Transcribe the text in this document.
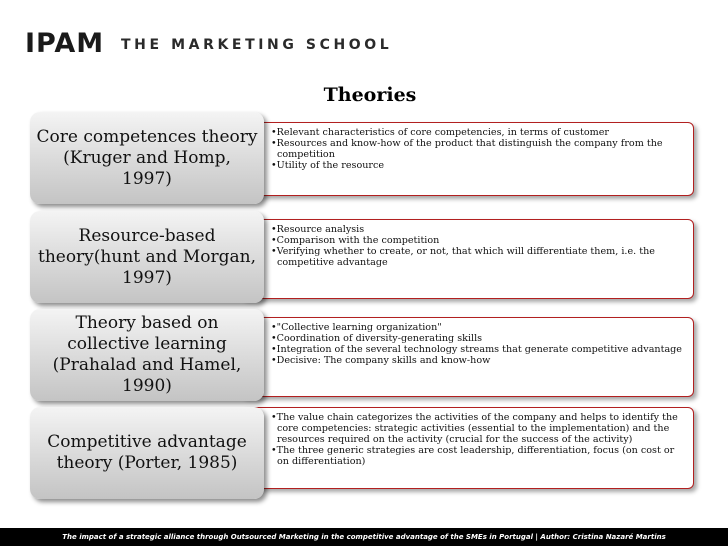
IPAM THE MARKETING SCHOOL
Theories
• Relevant characteristics of core competencies, in terms of customer
• Resources and know-how of the product that distinguish the company from the competition
• Utility of the resource
Core competences theory (Kruger and Homp, 1997)
• Resource analysis
• Comparison with the competition
• Verifying whether to create, or not, that which will differentiate them, i.e. the competitive advantage
Resource-based theory(hunt and Morgan, 1997)
• "Collective learning organization"
• Coordination of diversity-generating skills
• Integration of the several technology streams that generate competitive advantage
• Decisive: The company skills and know-how
Theory based on collective learning (Prahalad and Hamel, 1990)
• The value chain categorizes the activities of the company and helps to identify the core competencies: strategic activities (essential to the implementation) and the resources required on the activity (crucial for the success of the activity)
• The three generic strategies are cost leadership, differentiation, focus (on cost or on differentiation)
Competitive advantage theory (Porter, 1985)
The impact of a strategic alliance through Outsourced Marketing in the competitive advantage of the SMEs in Portugal | Author: Cristina Nazaré Martins
